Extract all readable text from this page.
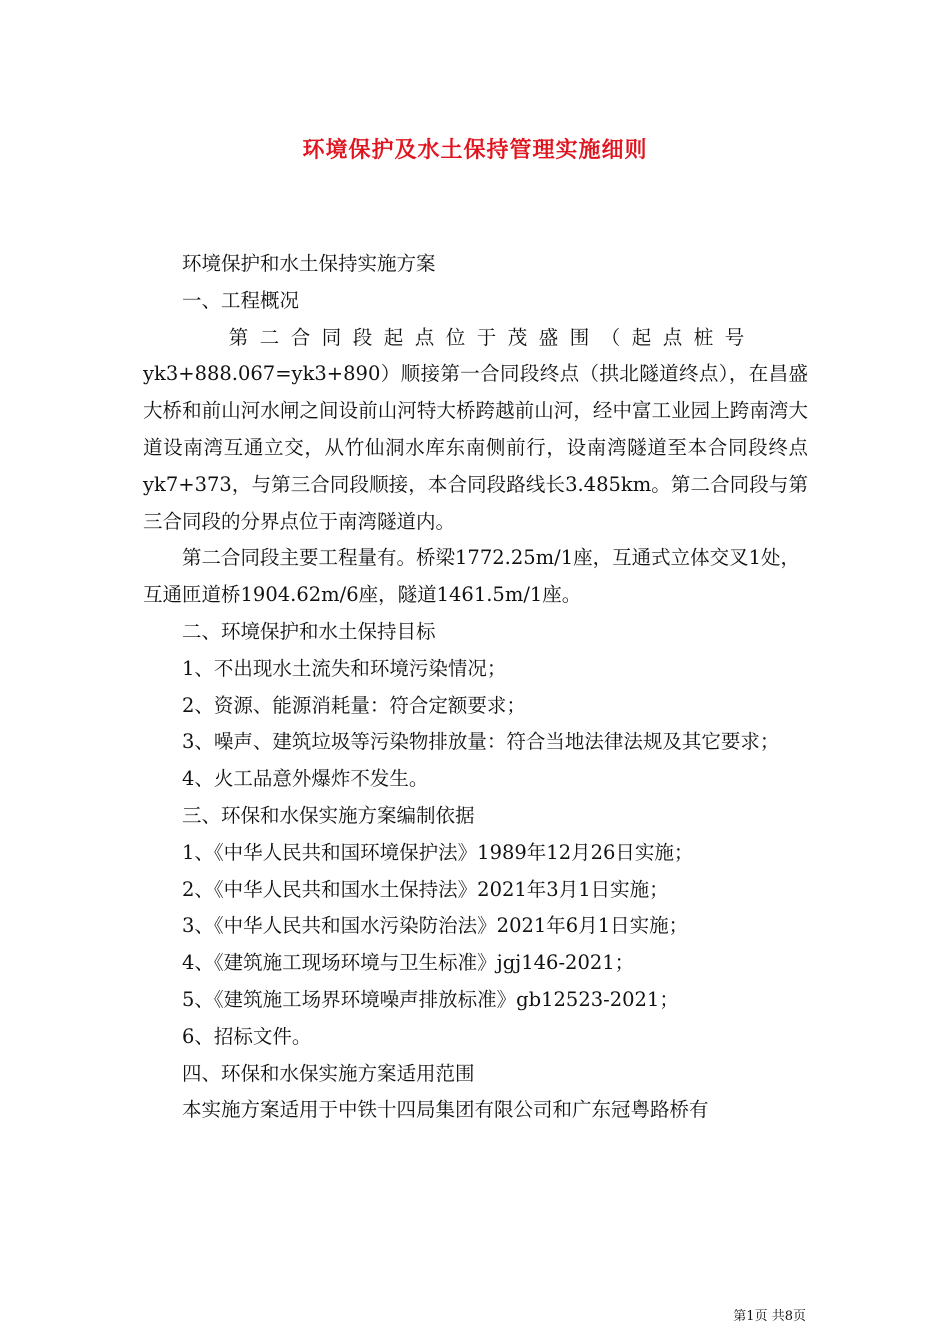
环境保护及水土保持管理实施细则

环境保护和水土保持实施方案

一、工程概况

第二合同段起点位于茂盛围（起点桩号

yk3+888.067=yk3+890）顺接第一合同段终点（拱北隧道终点），在昌盛大桥和前山河水闸之间设前山河特大桥跨越前山河，经中富工业园上跨南湾大道设南湾互通立交，从竹仙洞水库东南侧前行，设南湾隧道至本合同段终点yk7+373，与第三合同段顺接，本合同段路线长3.485km。第二合同段与第三合同段的分界点位于南湾隧道内。

第二合同段主要工程量有。桥梁1772.25m/1座，互通式立体交叉1处，互通匝道桥1904.62m/6座，隧道1461.5m/1座。

二、环境保护和水土保持目标

1、不出现水土流失和环境污染情况；

2、资源、能源消耗量：符合定额要求；

3、噪声、建筑垃圾等污染物排放量：符合当地法律法规及其它要求；

4、火工品意外爆炸不发生。

三、环保和水保实施方案编制依据

1、《中华人民共和国环境保护法》1989年12月26日实施；

2、《中华人民共和国水土保持法》2021年3月1日实施；

3、《中华人民共和国水污染防治法》2021年6月1日实施；

4、《建筑施工现场环境与卫生标准》jgj146-2021；

5、《建筑施工场界环境噪声排放标准》gb12523-2021；

6、招标文件。

四、环保和水保实施方案适用范围

本实施方案适用于中铁十四局集团有限公司和广东冠粤路桥有

第1页 共8页
